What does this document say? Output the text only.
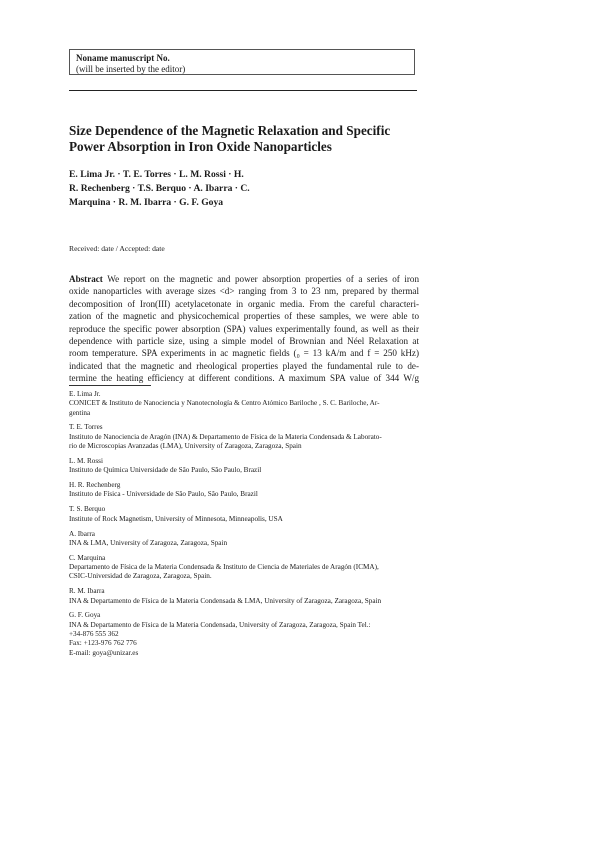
Noname manuscript No.
(will be inserted by the editor)
Size Dependence of the Magnetic Relaxation and Specific
Power Absorption in Iron Oxide Nanoparticles
E. Lima Jr. · T. E. Torres · L. M. Rossi · H.
R. Rechenberg · T.S. Berquo · A. Ibarra · C.
Marquina · R. M. Ibarra · G. F. Goya
Received: date / Accepted: date
Abstract We report on the magnetic and power absorption properties of a series of iron
oxide nanoparticles with average sizes <d> ranging from 3 to 23 nm, prepared by thermal
decomposition of Iron(III) acetylacetonate in organic media. From the careful characteri-
zation of the magnetic and physicochemical properties of these samples, we were able to
reproduce the specific power absorption (SPA) values experimentally found, as well as their
dependence with particle size, using a simple model of Brownian and Néel Relaxation at
room temperature. SPA experiments in ac magnetic fields (₀ = 13 kA/m and f = 250 kHz)
indicated that the magnetic and rheological properties played the fundamental rule to de-
termine the heating efficiency at different conditions. A maximum SPA value of 344 W/g
E. Lima Jr.
CONICET & Instituto de Nanociencia y Nanotecnología & Centro Atómico Bariloche , S. C. Bariloche, Ar-
gentina
T. E. Torres
Instituto de Nanociencia de Aragón (INA) & Departamento de Física de la Materia Condensada & Laborato-
rio de Microscopias Avanzadas (LMA), University of Zaragoza, Zaragoza, Spain
L. M. Rossi
Instituto de Química Universidade de São Paulo, São Paulo, Brazil
H. R. Rechenberg
Instituto de Física - Universidade de São Paulo, São Paulo, Brazil
T. S. Berquo
Institute of Rock Magnetism, University of Minnesota, Minneapolis, USA
A. Ibarra
INA & LMA, University of Zaragoza, Zaragoza, Spain
C. Marquina
Departamento de Física de la Materia Condensada & Instituto de Ciencia de Materiales de Aragón (ICMA),
CSIC-Universidad de Zaragoza, Zaragoza, Spain.
R. M. Ibarra
INA & Departamento de Física de la Materia Condensada & LMA, University of Zaragoza, Zaragoza, Spain
G. F. Goya
INA & Departamento de Física de la Materia Condensada, University of Zaragoza, Zaragoza, Spain Tel.:
+34-876 555 362
Fax: +123-976 762 776
E-mail: goya@unizar.es
